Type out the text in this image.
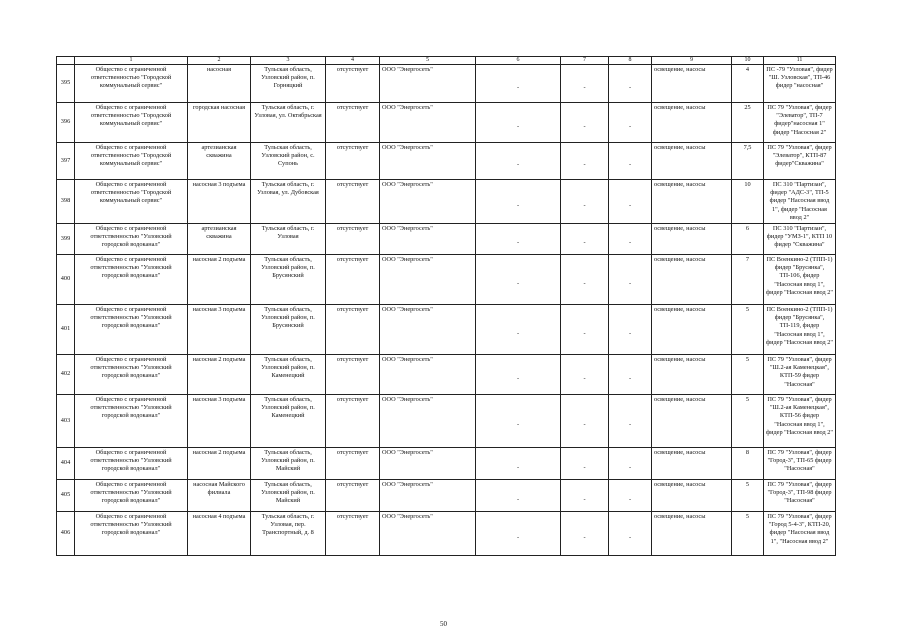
	1	2	3	4	5	6	7	8	9	10	11
395	Общество с ограниченной ответственностью "Городской коммунальный сервис"	насосная	Тульская область, Узловский район, п. Горняцкий	отсутствует	ООО "Энергосеть"	-	-	-	освещение, насосы	4	ПС -79 "Узловая", фидер "Ш. Узловская", ТП-46 фидер "насосная"
396	Общество с ограниченной ответственностью "Городской коммунальный сервис"	городская насосная	Тульская область, г. Узловая, ул. Октябрьская	отсутствует	ООО "Энергосеть"	-	-	-	освещение, насосы	25	ПС 79 "Узловая", фидер "Элеватор", ТП-7 фидер"насосная 1" фидер "Насосная 2"
397	Общество с ограниченной ответственностью "Городской коммунальный сервис"	артезианская скважина	Тульская область, Узловский район, с. Супонь	отсутствует	ООО "Энергосеть"	-	-	-	освещение, насосы	7,5	ПС 79 "Узловая", фидер "Элеватор", КТП-87 фидер"Скважина"
398	Общество с ограниченной ответственностью "Городской коммунальный сервис"	насосная 3 подъема	Тульская область, г. Узловая, ул. Дубовская	отсутствует	ООО "Энергосеть"	-	-	-	освещение, насосы	10	ПС 310 "Партизан", фидер "АДС-3", ТП-5 фидер "Насосная ввод 1", фидер "Насосная ввод 2"
399	Общество с ограниченной ответственностью "Узловский городской водоканал"	артезианская скважина	Тульская область, г. Узловая	отсутствует	ООО "Энергосеть"	-	-	-	освещение, насосы	6	ПС 310 "Партизан", фидер "УМЗ-1", КТП 10 фидер "Скважина"
400	Общество с ограниченной ответственностью "Узловский городской водоканал"	насосная 2 подъема	Тульская область, Узловский район, п. Брусянский	отсутствует	ООО "Энергосеть"	-	-	-	освещение, насосы	7	ПС Военкино-2 (ТПП-1) фидер "Брусянка", ТП-106, фидер "Насосная ввод 1", фидер "Насосная ввод 2"
401	Общество с ограниченной ответственностью "Узловский городской водоканал"	насосная 3 подъема	Тульская область, Узловский район, п. Брусянский	отсутствует	ООО "Энергосеть"	-	-	-	освещение, насосы	5	ПС Военкино-2 (ТПП-1) фидер "Брусянка", ТП-119, фидер "Насосная ввод 1", фидер "Насосная ввод 2"
402	Общество с ограниченной ответственностью "Узловский городской водоканал"	насосная 2 подъема	Тульская область, Узловский район, п. Каменецкий	отсутствует	ООО "Энергосеть"	-	-	-	освещение, насосы	5	ПС 79 "Узловая", фидер "Ш.2-ая Каменецкая", КТП-59 фидер "Насосная"
403	Общество с ограниченной ответственностью "Узловский городской водоканал"	насосная 3 подъема	Тульская область, Узловский район, п. Каменецкий	отсутствует	ООО "Энергосеть"	-	-	-	освещение, насосы	5	ПС 79 "Узловая", фидер "Ш.2-ая Каменецкая", КТП-56 фидер "Насосная ввод 1", фидер "Насосная ввод 2"
404	Общество с ограниченной ответственностью "Узловский городской водоканал"	насосная 2 подъема	Тульская область, Узловский район, п. Майский	отсутствует	ООО "Энергосеть"	-	-	-	освещение, насосы	8	ПС 79 "Узловая", фидер "Город-3", ТП-65 фидер "Насосная"
405	Общество с ограниченной ответственностью "Узловский городской водоканал"	насосная Майского филиала	Тульская область, Узловский район, п. Майский	отсутствует	ООО "Энергосеть"	-	-	-	освещение, насосы	5	ПС 79 "Узловая", фидер "Город-3", ТП-98 фидер "Насосная"
406	Общество с ограниченной ответственностью "Узловский городской водоканал"	насосная 4 подъема	Тульская область, г. Узловая, пер. Транспортный, д. 8	отсутствует	ООО "Энергосеть"	-	-	-	освещение, насосы	5	ПС 79 "Узловая", фидер "Город 5-4-3", КТП-20, фидер "Насосная ввод 1", "Насосная ввод 2"
50
